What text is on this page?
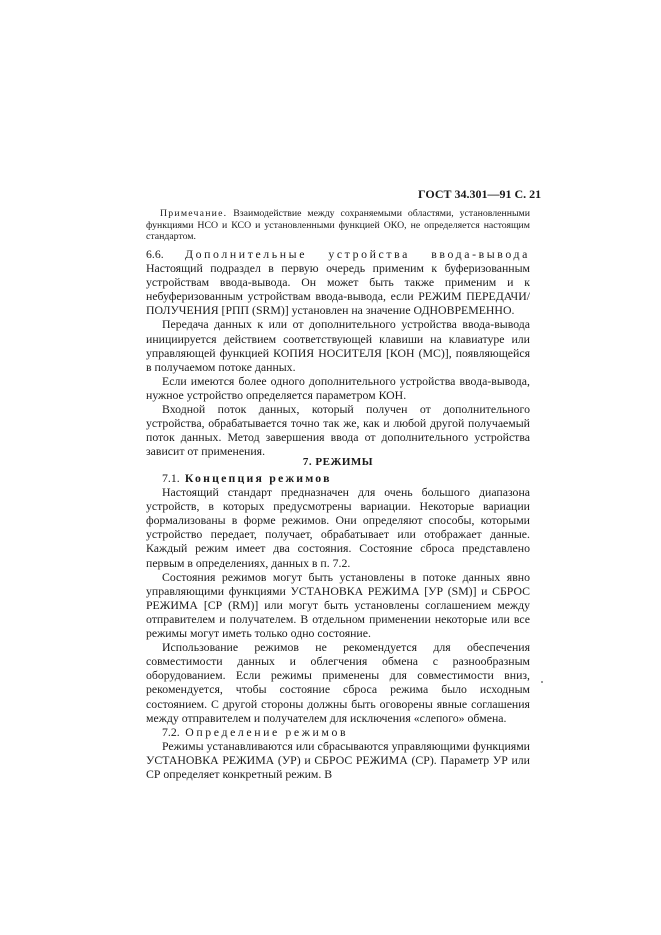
ГОСТ 34.301—91 С. 21
Примечание. Взаимодействие между сохраняемыми областями, установленными функциями НСО и КСО и установленными функцией ОКО, не определяется настоящим стандартом.

6.6. Дополнительные устройства ввода-вывода Настоящий подраздел в первую очередь применим к буферизованным устройствам ввода-вывода. Он может быть также применим и к небуферизованным устройствам ввода-вывода, если РЕЖИМ ПЕРЕДАЧИ/ПОЛУЧЕНИЯ [РПП (SRM)] установлен на значение ОДНОВРЕМЕННО.

Передача данных к или от дополнительного устройства ввода-вывода инициируется действием соответствующей клавиши на клавиатуре или управляющей функцией КОПИЯ НОСИТЕЛЯ [КОН (МС)], появляющейся в получаемом потоке данных.

Если имеются более одного дополнительного устройства ввода-вывода, нужное устройство определяется параметром КОН.

Входной поток данных, который получен от дополнительного устройства, обрабатывается точно так же, как и любой другой получаемый поток данных. Метод завершения ввода от дополнительного устройства зависит от применения.

7. РЕЖИМЫ

7.1. Концепция режимов

Настоящий стандарт предназначен для очень большого диапазона устройств, в которых предусмотрены вариации. Некоторые вариации формализованы в форме режимов. Они определяют способы, которыми устройство передает, получает, обрабатывает или отображает данные. Каждый режим имеет два состояния. Состояние сброса представлено первым в определениях, данных в п. 7.2.

Состояния режимов могут быть установлены в потоке данных явно управляющими функциями УСТАНОВКА РЕЖИМА [УР (SM)] и СБРОС РЕЖИМА [СР (RM)] или могут быть установлены соглашением между отправителем и получателем. В отдельном применении некоторые или все режимы могут иметь только одно состояние.

Использование режимов не рекомендуется для обеспечения совместимости данных и облегчения обмена с разнообразным оборудованием. Если режимы применены для совместимости вниз, рекомендуется, чтобы состояние сброса режима было исходным состоянием. С другой стороны должны быть оговорены явные соглашения между отправителем и получателем для исключения «слепого» обмена.

7.2. Определение режимов

Режимы устанавливаются или сбрасываются управляющими функциями УСТАНОВКА РЕЖИМА (УР) и СБРОС РЕЖИМА (СР). Параметр УР или СР определяет конкретный режим. В
